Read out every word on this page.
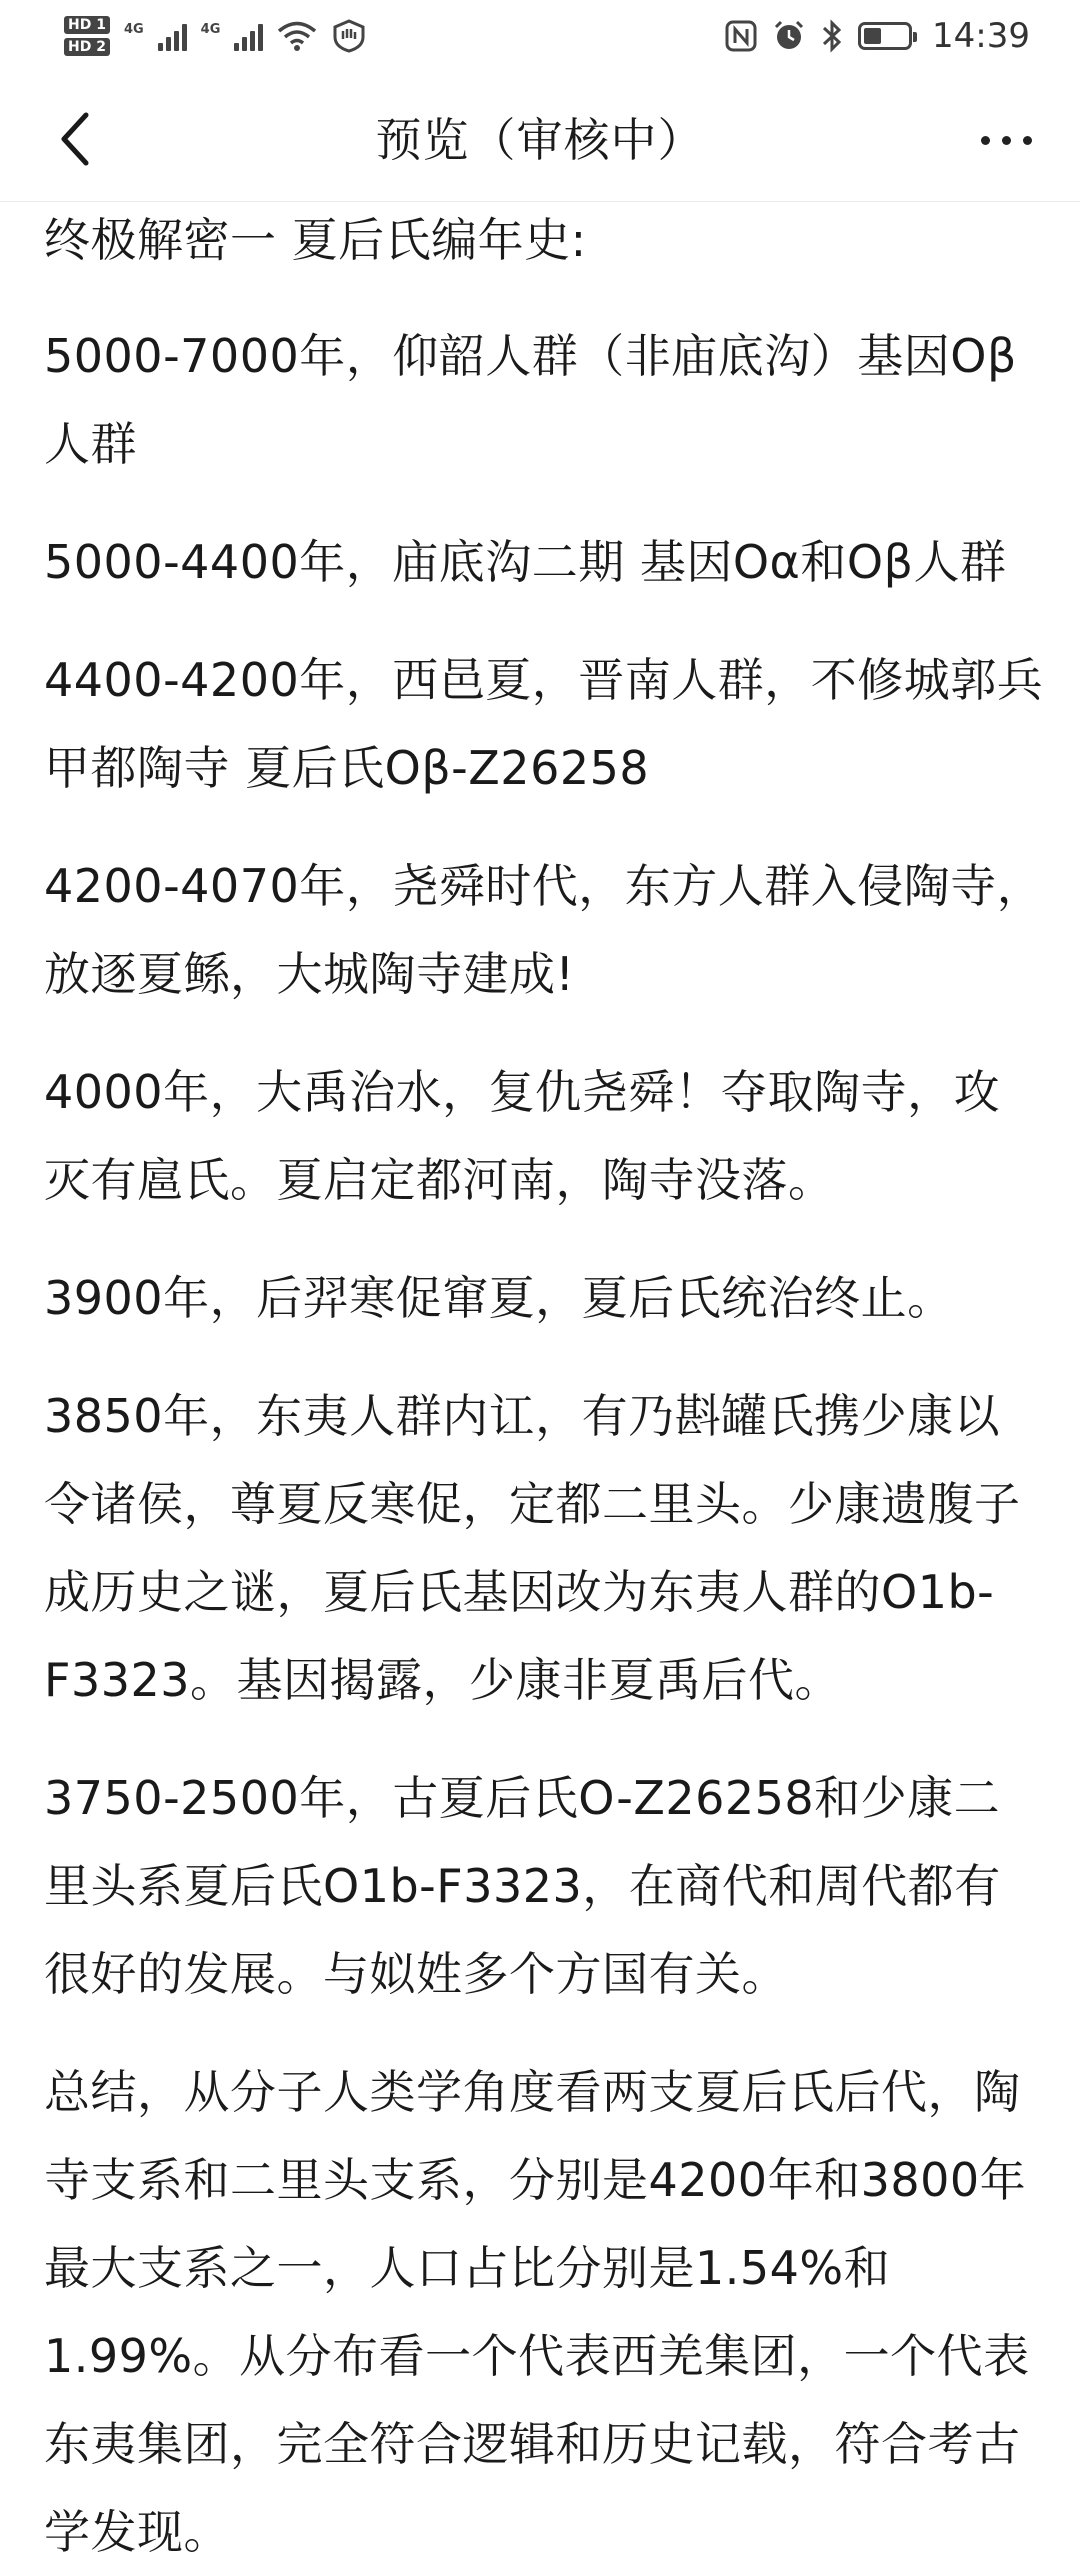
HD 1
HD 2
4G	4G	14:39
预览（审核中）

终极解密一 夏后氏编年史:

5000-7000年，仰韶人群（非庙底沟）基因Oβ人群

5000-4400年，庙底沟二期 基因Oα和Oβ人群

4400-4200年，西邑夏，晋南人群，不修城郭兵甲都陶寺 夏后氏Oβ-Z26258

4200-4070年，尧舜时代，东方人群入侵陶寺，放逐夏鲧，大城陶寺建成!

4000年，大禹治水，复仇尧舜！夺取陶寺，攻灭有扈氏。夏启定都河南，陶寺没落。

3900年，后羿寒促窜夏，夏后氏统治终止。

3850年，东夷人群内讧，有乃斟罐氏携少康以令诸侯，尊夏反寒促，定都二里头。少康遗腹子成历史之谜，夏后氏基因改为东夷人群的O1b-F3323。基因揭露，少康非夏禹后代。

3750-2500年，古夏后氏O-Z26258和少康二里头系夏后氏O1b-F3323，在商代和周代都有很好的发展。与姒姓多个方国有关。

总结，从分子人类学角度看两支夏后氏后代，陶寺支系和二里头支系，分别是4200年和3800年最大支系之一，人口占比分别是1.54%和1.99%。从分布看一个代表西羌集团，一个代表东夷集团，完全符合逻辑和历史记载，符合考古学发现。
